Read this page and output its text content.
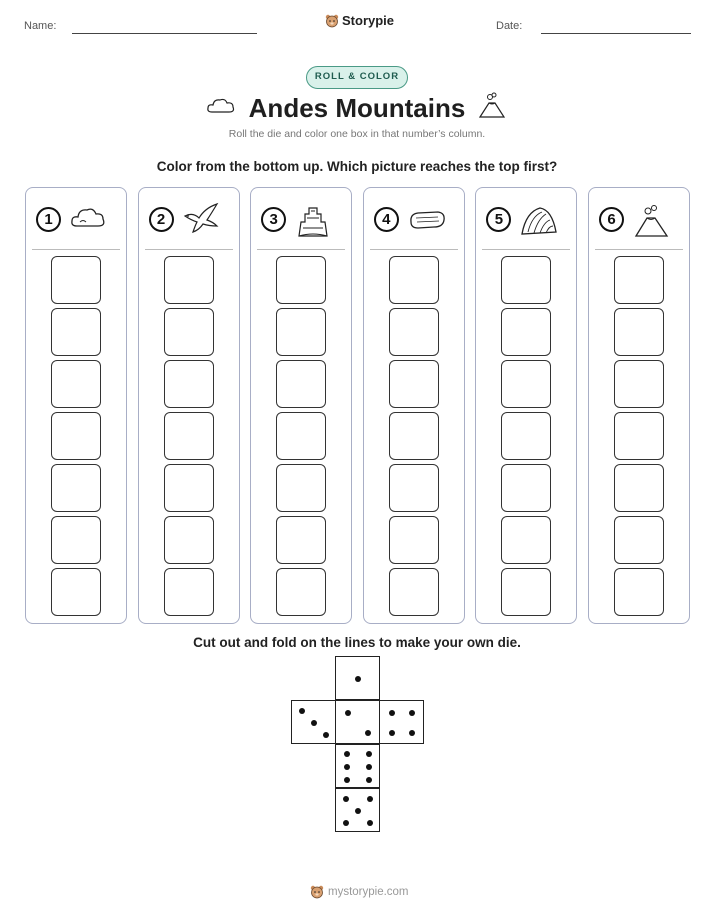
Name:	Storypie	Date:
ROLL & COLOR
Andes Mountains
Roll the die and color one box in that number’s column.
Color from the bottom up. Which picture reaches the top first?
1	2	3	4	5	6
Cut out and fold on the lines to make your own die.
mystorypie.com
